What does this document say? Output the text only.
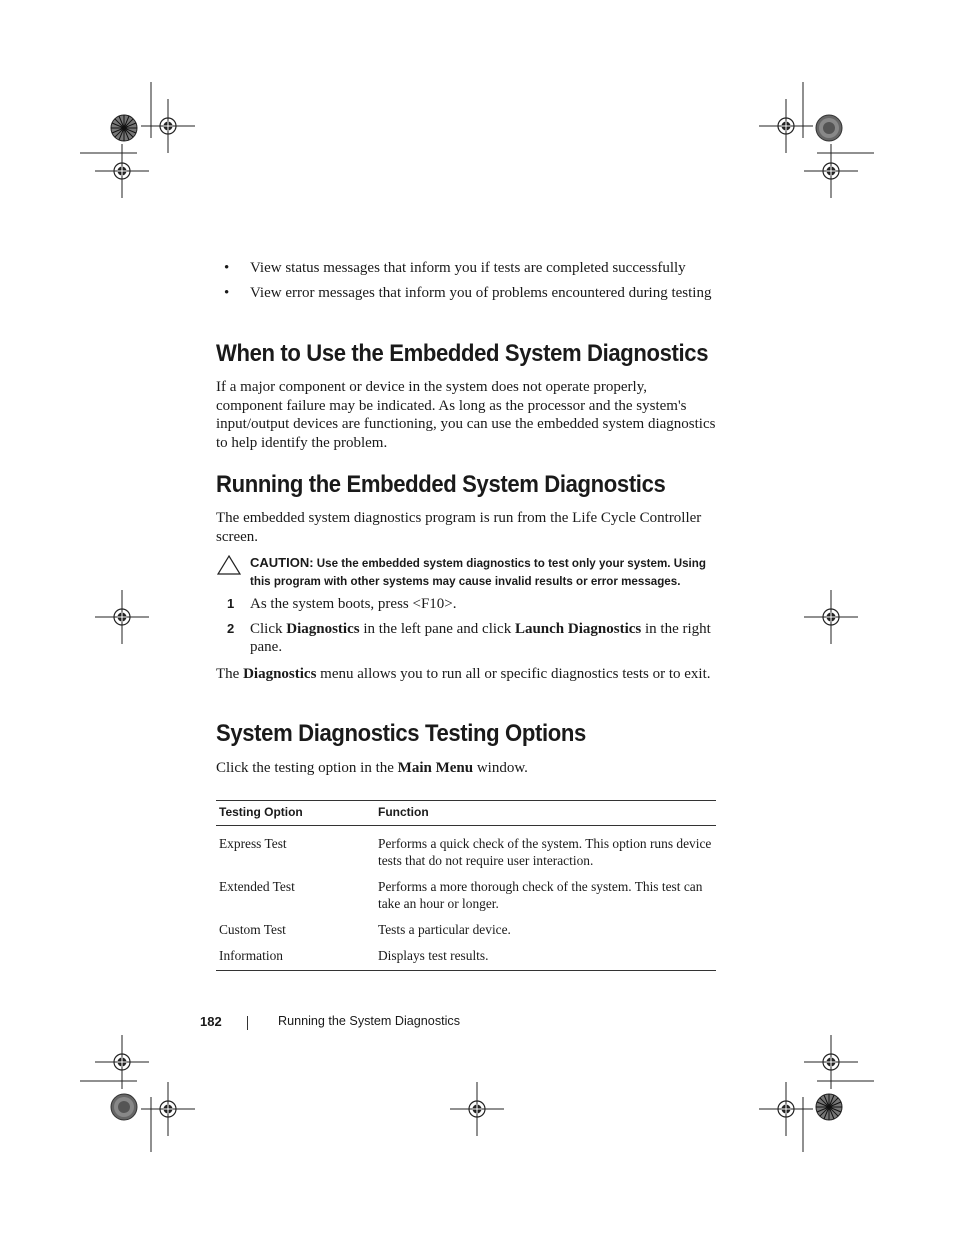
• View status messages that inform you if tests are completed successfully
• View error messages that inform you of problems encountered during testing
When to Use the Embedded System Diagnostics

If a major component or device in the system does not operate properly, component failure may be indicated. As long as the processor and the system's input/output devices are functioning, you can use the embedded system diagnostics to help identify the problem.

Running the Embedded System Diagnostics

The embedded system diagnostics program is run from the Life Cycle Controller screen.

CAUTION: Use the embedded system diagnostics to test only your system. Using this program with other systems may cause invalid results or error messages.
1 As the system boots, press <F10>.
2 Click Diagnostics in the left pane and click Launch Diagnostics in the right pane.

The Diagnostics menu allows you to run all or specific diagnostics tests or to exit.

System Diagnostics Testing Options

Click the testing option in the Main Menu window.

Testing Option	Function

Express Test	Performs a quick check of the system. This option runs device tests that do not require user interaction.
Extended Test	Performs a more thorough check of the system. This test can take an hour or longer.
Custom Test	Tests a particular device.
Information	Displays test results.
182	Running the System Diagnostics
